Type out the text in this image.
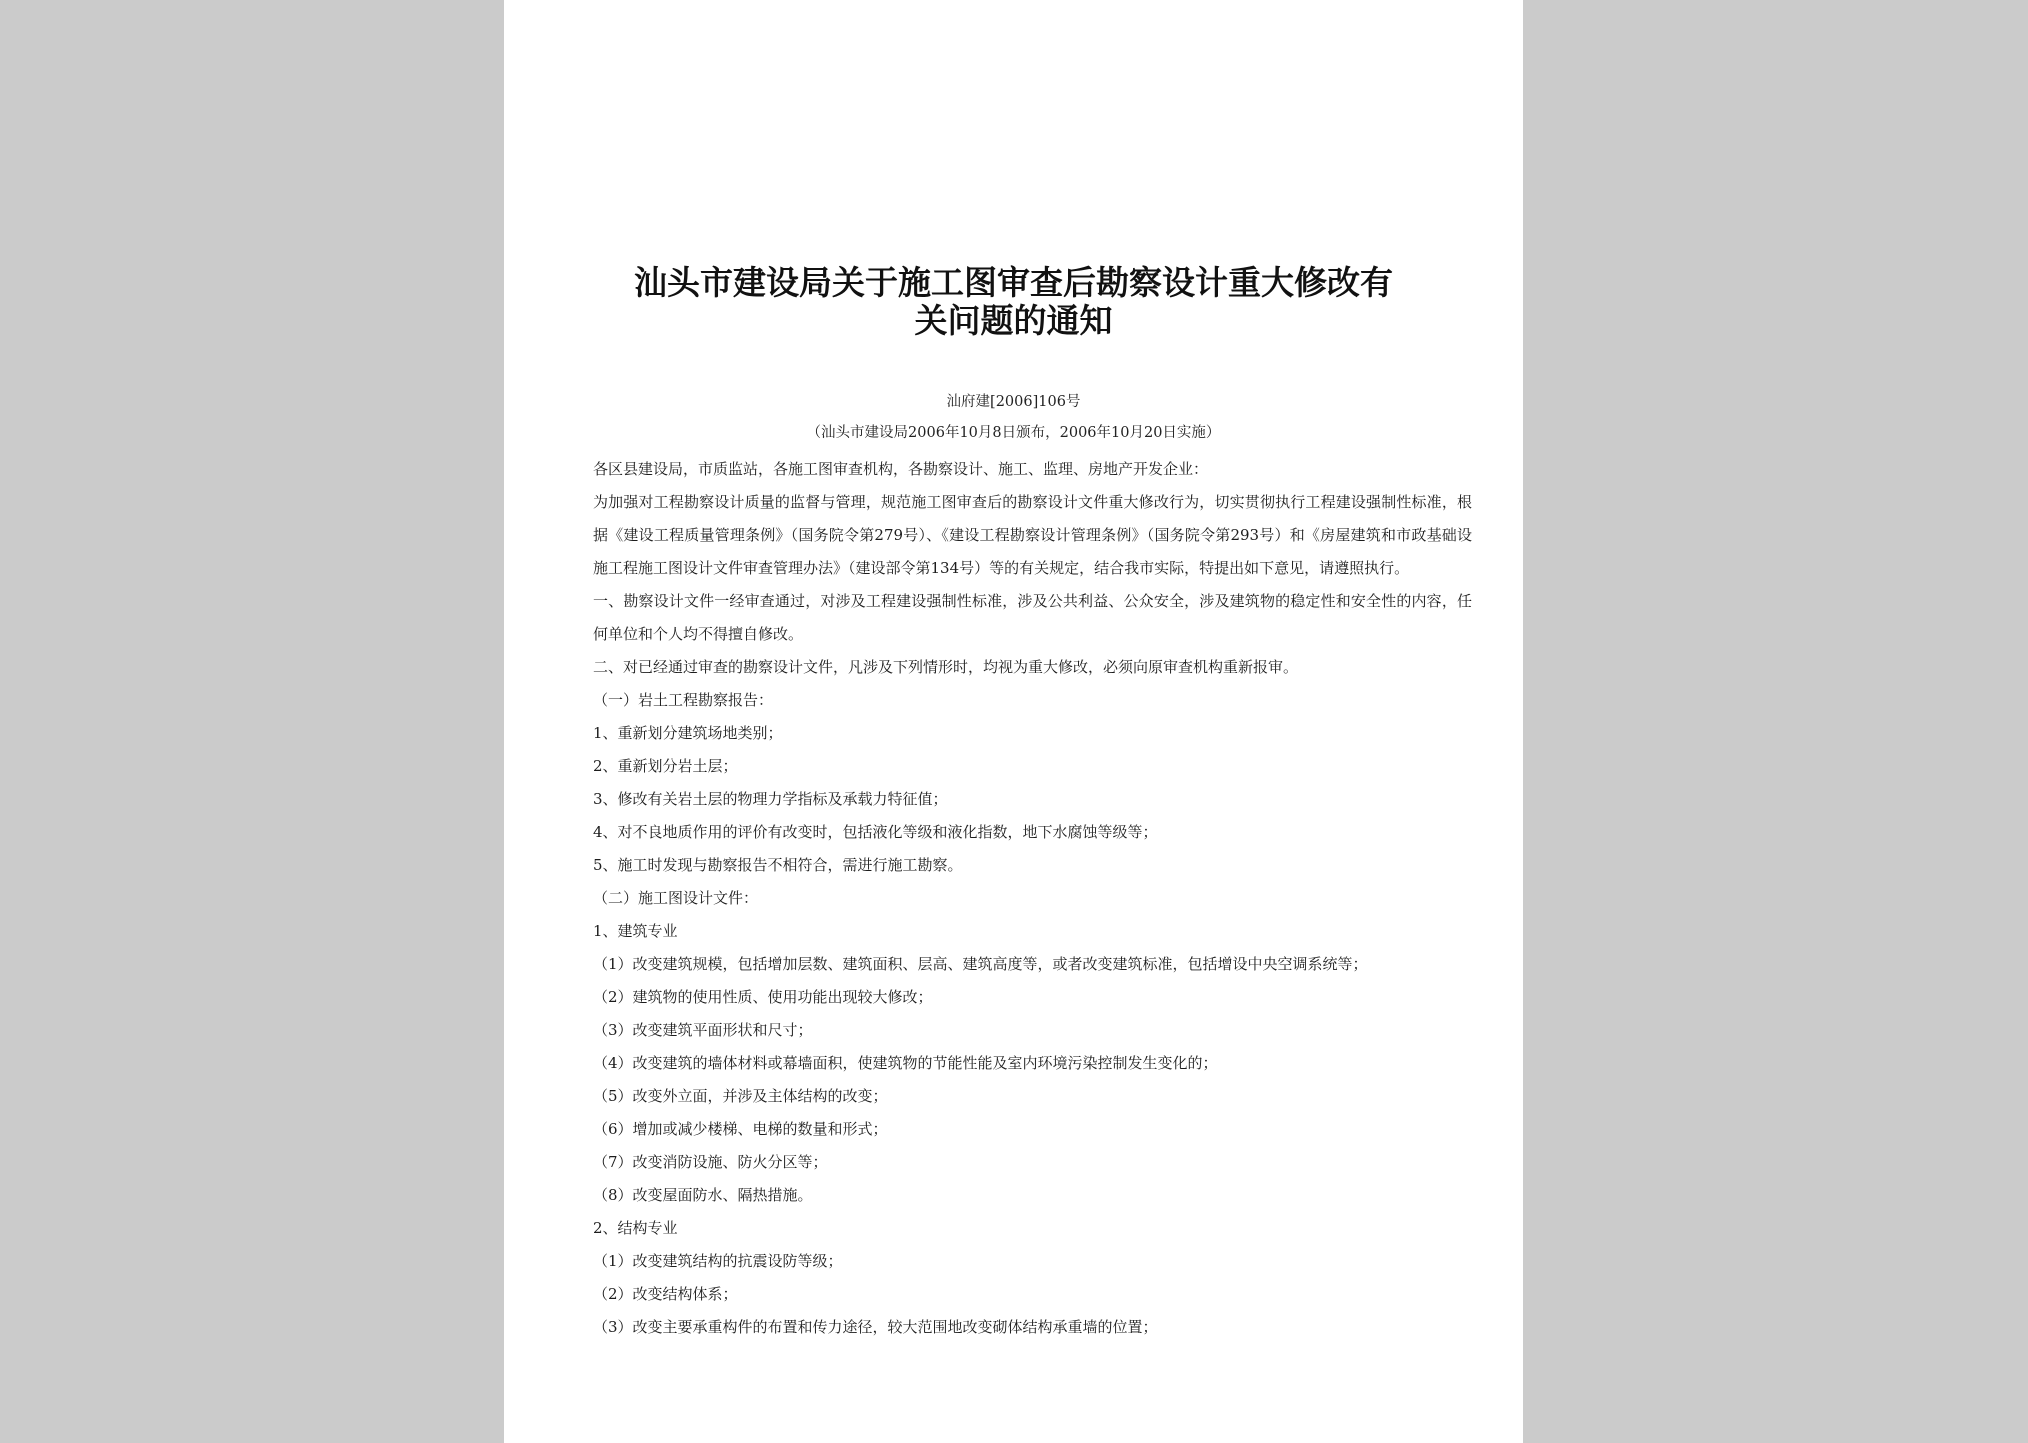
汕头市建设局关于施工图审查后勘察设计重大修改有
关问题的通知
汕府建[2006]106号
（汕头市建设局2006年10月8日颁布，2006年10月20日实施）

各区县建设局，市质监站，各施工图审查机构，各勘察设计、施工、监理、房地产开发企业：

为加强对工程勘察设计质量的监督与管理，规范施工图审查后的勘察设计文件重大修改行为，切实贯彻执行工程建设强制性标准，根据《建设工程质量管理条例》（国务院令第279号）、《建设工程勘察设计管理条例》（国务院令第293号）和《房屋建筑和市政基础设施工程施工图设计文件审查管理办法》（建设部令第134号）等的有关规定，结合我市实际，特提出如下意见，请遵照执行。

一、勘察设计文件一经审查通过，对涉及工程建设强制性标准，涉及公共利益、公众安全，涉及建筑物的稳定性和安全性的内容，任何单位和个人均不得擅自修改。

二、对已经通过审查的勘察设计文件，凡涉及下列情形时，均视为重大修改，必须向原审查机构重新报审。

（一）岩土工程勘察报告：

1、重新划分建筑场地类别；

2、重新划分岩土层；

3、修改有关岩土层的物理力学指标及承载力特征值；

4、对不良地质作用的评价有改变时，包括液化等级和液化指数，地下水腐蚀等级等；

5、施工时发现与勘察报告不相符合，需进行施工勘察。

（二）施工图设计文件：

1、建筑专业

（1）改变建筑规模，包括增加层数、建筑面积、层高、建筑高度等，或者改变建筑标准，包括增设中央空调系统等；

（2）建筑物的使用性质、使用功能出现较大修改；

（3）改变建筑平面形状和尺寸；

（4）改变建筑的墙体材料或幕墙面积，使建筑物的节能性能及室内环境污染控制发生变化的；

（5）改变外立面，并涉及主体结构的改变；

（6）增加或减少楼梯、电梯的数量和形式；

（7）改变消防设施、防火分区等；

（8）改变屋面防水、隔热措施。

2、结构专业

（1）改变建筑结构的抗震设防等级；

（2）改变结构体系；

（3）改变主要承重构件的布置和传力途径，较大范围地改变砌体结构承重墙的位置；
